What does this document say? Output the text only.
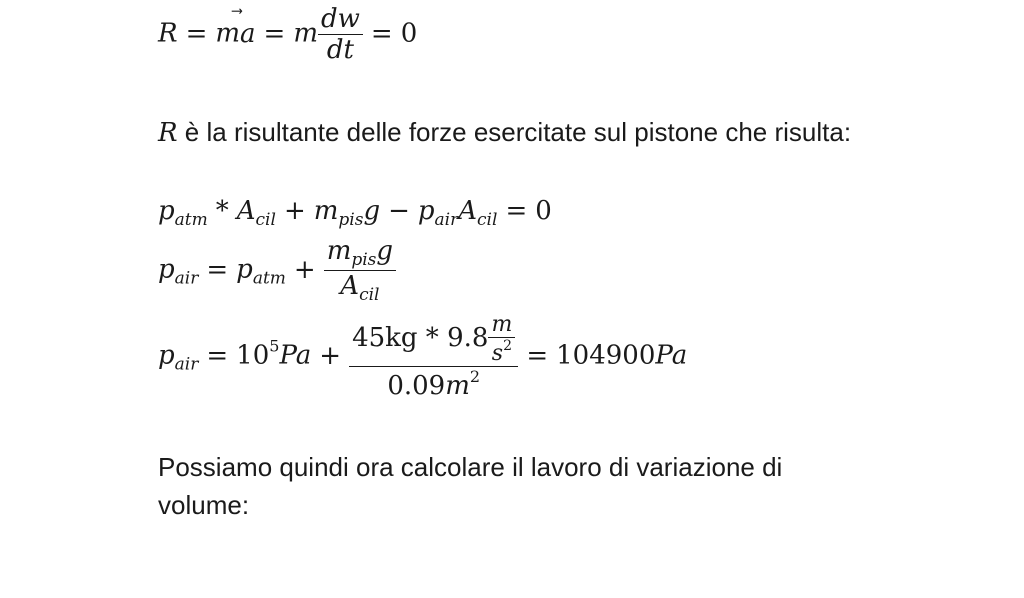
R = ma ⃗ = m $\frac{dw}{dt} = 0$
R è la risultante delle forze esercitate sul pistone che risulta:
$p_{atm} * A_{cil} + m_{pis}g - p_{air}A_{cil} = 0$
$p_{air} = p_{atm} + \frac{m_{pis}g}{A_{cil}}$
$p_{air} = 10^5Pa + \frac{45kg * 9.8 \frac{m}{s^2}}{0.09m^2} = 104900Pa$
Possiamo quindi ora calcolare il lavoro di variazione di volume:
